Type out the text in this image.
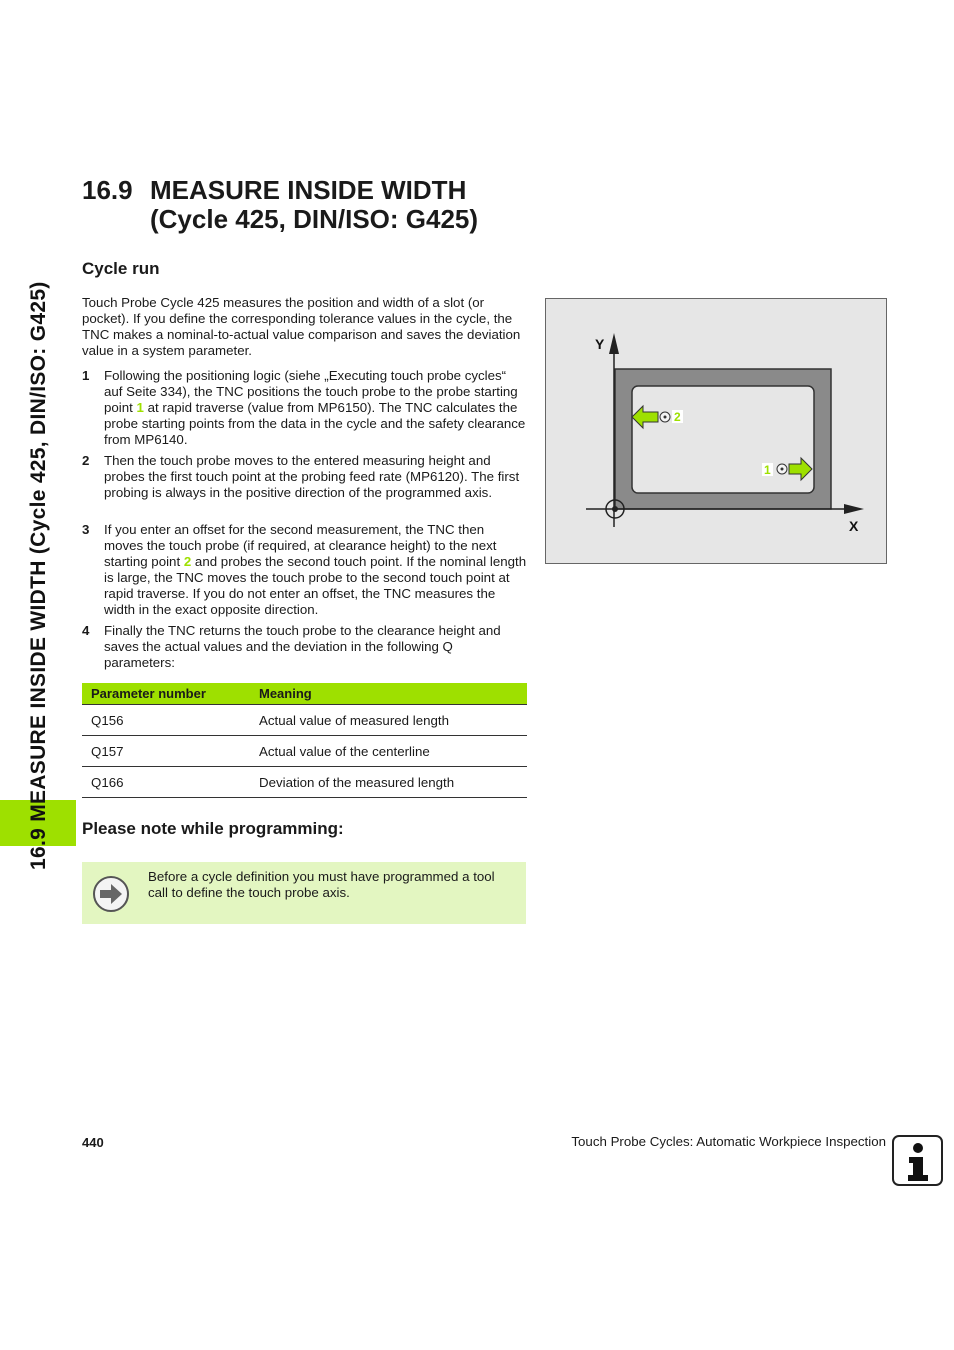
16.9 MEASURE INSIDE WIDTH (Cycle 425, DIN/ISO: G425)
16.9 MEASURE INSIDE WIDTH
(Cycle 425, DIN/ISO: G425)
Cycle run
Touch Probe Cycle 425 measures the position and width of a slot (or pocket). If you define the corresponding tolerance values in the cycle, the TNC makes a nominal-to-actual value comparison and saves the deviation value in a system parameter.
1 Following the positioning logic (siehe „Executing touch probe cycles“ auf Seite 334), the TNC positions the touch probe to the probe starting point 1 at rapid traverse (value from MP6150). The TNC calculates the probe starting points from the data in the cycle and the safety clearance from MP6140.
2 Then the touch probe moves to the entered measuring height and probes the first touch point at the probing feed rate (MP6120). The first probing is always in the positive direction of the programmed axis.
3 If you enter an offset for the second measurement, the TNC then moves the touch probe (if required, at clearance height) to the next starting point 2 and probes the second touch point. If the nominal length is large, the TNC moves the touch probe to the second touch point at rapid traverse. If you do not enter an offset, the TNC measures the width in the exact opposite direction.
4 Finally the TNC returns the touch probe to the clearance height and saves the actual values and the deviation in the following Q parameters:
Parameter number	Meaning
Q156	Actual value of measured length
Q157	Actual value of the centerline
Q166	Deviation of the measured length
Please note while programming:
Before a cycle definition you must have programmed a tool call to define the touch probe axis.
Y
X
2
1
440	Touch Probe Cycles: Automatic Workpiece Inspection
